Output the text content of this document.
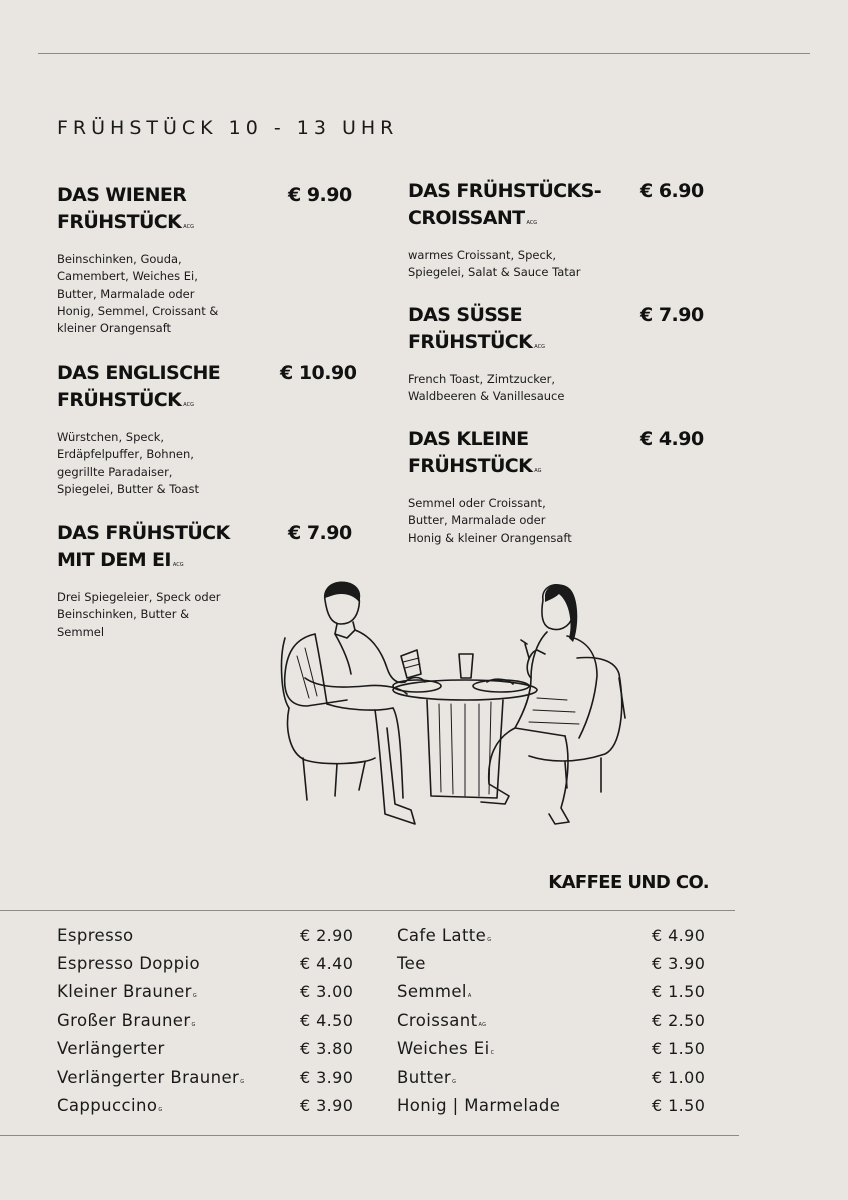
FRÜHSTÜCK 10 - 13 UHR
DAS WIENER
FRÜHSTÜCK ACG
€ 9.90
Beinschinken, Gouda,
Camembert, Weiches Ei,
Butter, Marmalade oder
Honig, Semmel, Croissant &
kleiner Orangensaft
DAS ENGLISCHE
FRÜHSTÜCK ACG
€ 10.90
Würstchen, Speck,
Erdäpfelpuffer, Bohnen,
gegrillte Paradaiser,
Spiegelei, Butter & Toast
DAS FRÜHSTÜCK
MIT DEM EI ACG
€ 7.90
Drei Spiegeleier, Speck oder
Beinschinken, Butter &
Semmel
DAS FRÜHSTÜCKS-
CROISSANT ACG
€ 6.90
warmes Croissant, Speck,
Spiegelei, Salat & Sauce Tatar
DAS SÜSSE
FRÜHSTÜCK ACG
€ 7.90
French Toast, Zimtzucker,
Waldbeeren & Vanillesauce
DAS KLEINE
FRÜHSTÜCK AG
€ 4.90
Semmel oder Croissant,
Butter, Marmalade oder
Honig & kleiner Orangensaft
KAFFEE UND CO.
Espresso	€ 2.90
Espresso Doppio	€ 4.40
Kleiner BraunerG	€ 3.00
Großer BraunerG	€ 4.50
Verlängerter	€ 3.80
Verlängerter BraunerG	€ 3.90
CappuccinoG	€ 3.90
Cafe LatteG	€ 4.90
Tee	€ 3.90
SemmelA	€ 1.50
CroissantAG	€ 2.50
Weiches EiC	€ 1.50
ButterG	€ 1.00
Honig | Marmelade	€ 1.50
